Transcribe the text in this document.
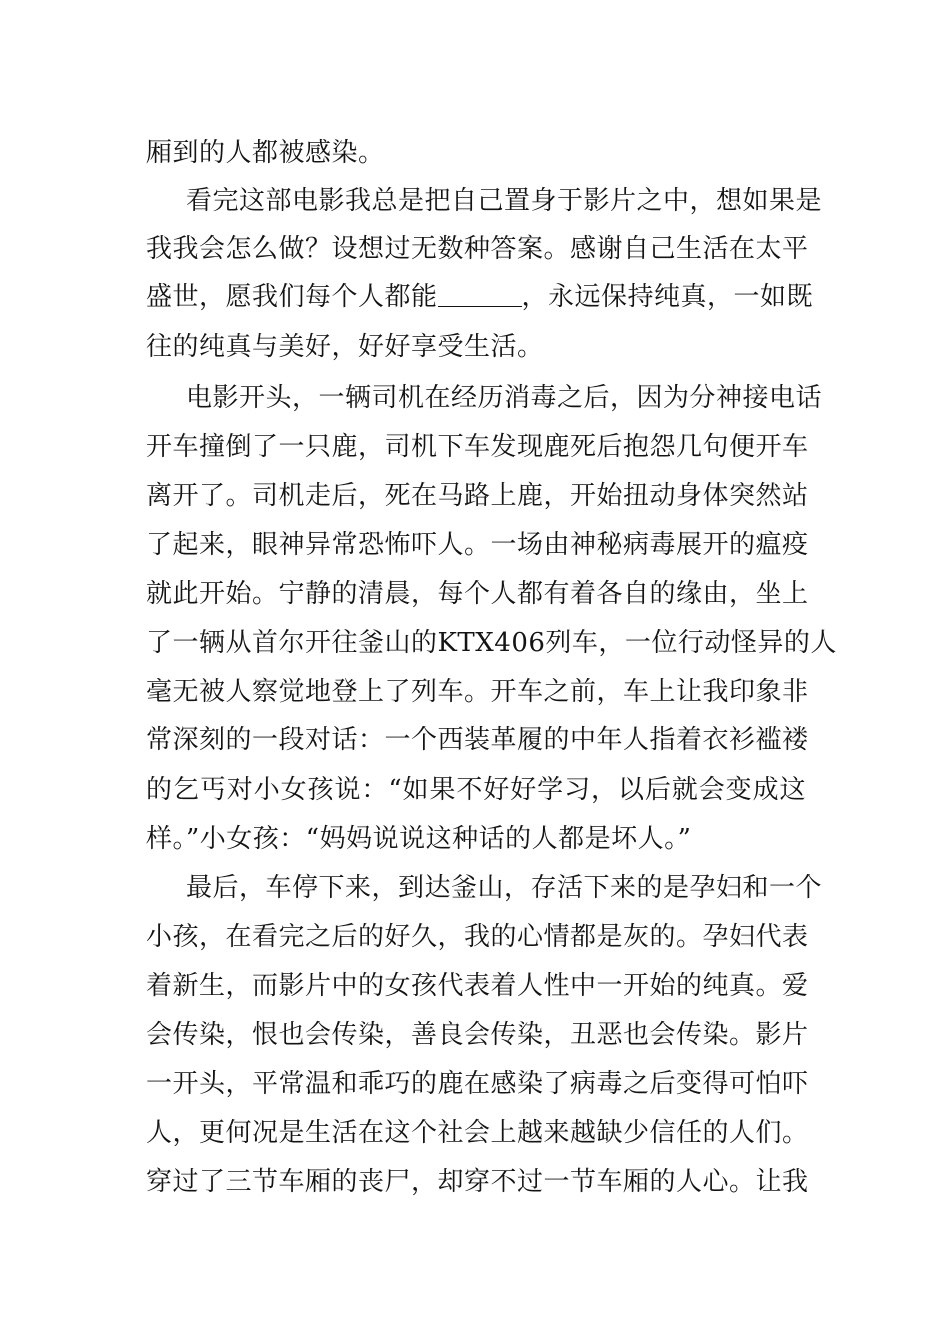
厢到的人都被感染。
看完这部电影我总是把自己置身于影片之中，想如果是
我我会怎么做？设想过无数种答案。感谢自己生活在太平
盛世，愿我们每个人都能	，永远保持纯真，一如既
往的纯真与美好，好好享受生活。
电影开头，一辆司机在经历消毒之后，因为分神接电话
开车撞倒了一只鹿，司机下车发现鹿死后抱怨几句便开车
离开了。司机走后，死在马路上鹿，开始扭动身体突然站
了起来，眼神异常恐怖吓人。一场由神秘病毒展开的瘟疫
就此开始。宁静的清晨，每个人都有着各自的缘由，坐上
了一辆从首尔开往釜山的KTX406列车，一位行动怪异的人
毫无被人察觉地登上了列车。开车之前，车上让我印象非
常深刻的一段对话：一个西装革履的中年人指着衣衫褴褛
的乞丐对小女孩说：“如果不好好学习，以后就会变成这
样。”小女孩：“妈妈说说这种话的人都是坏人。”
最后，车停下来，到达釜山，存活下来的是孕妇和一个
小孩，在看完之后的好久，我的心情都是灰的。孕妇代表
着新生，而影片中的女孩代表着人性中一开始的纯真。爱
会传染，恨也会传染，善良会传染，丑恶也会传染。影片
一开头，平常温和乖巧的鹿在感染了病毒之后变得可怕吓
人，更何况是生活在这个社会上越来越缺少信任的人们。
穿过了三节车厢的丧尸，却穿不过一节车厢的人心。让我
